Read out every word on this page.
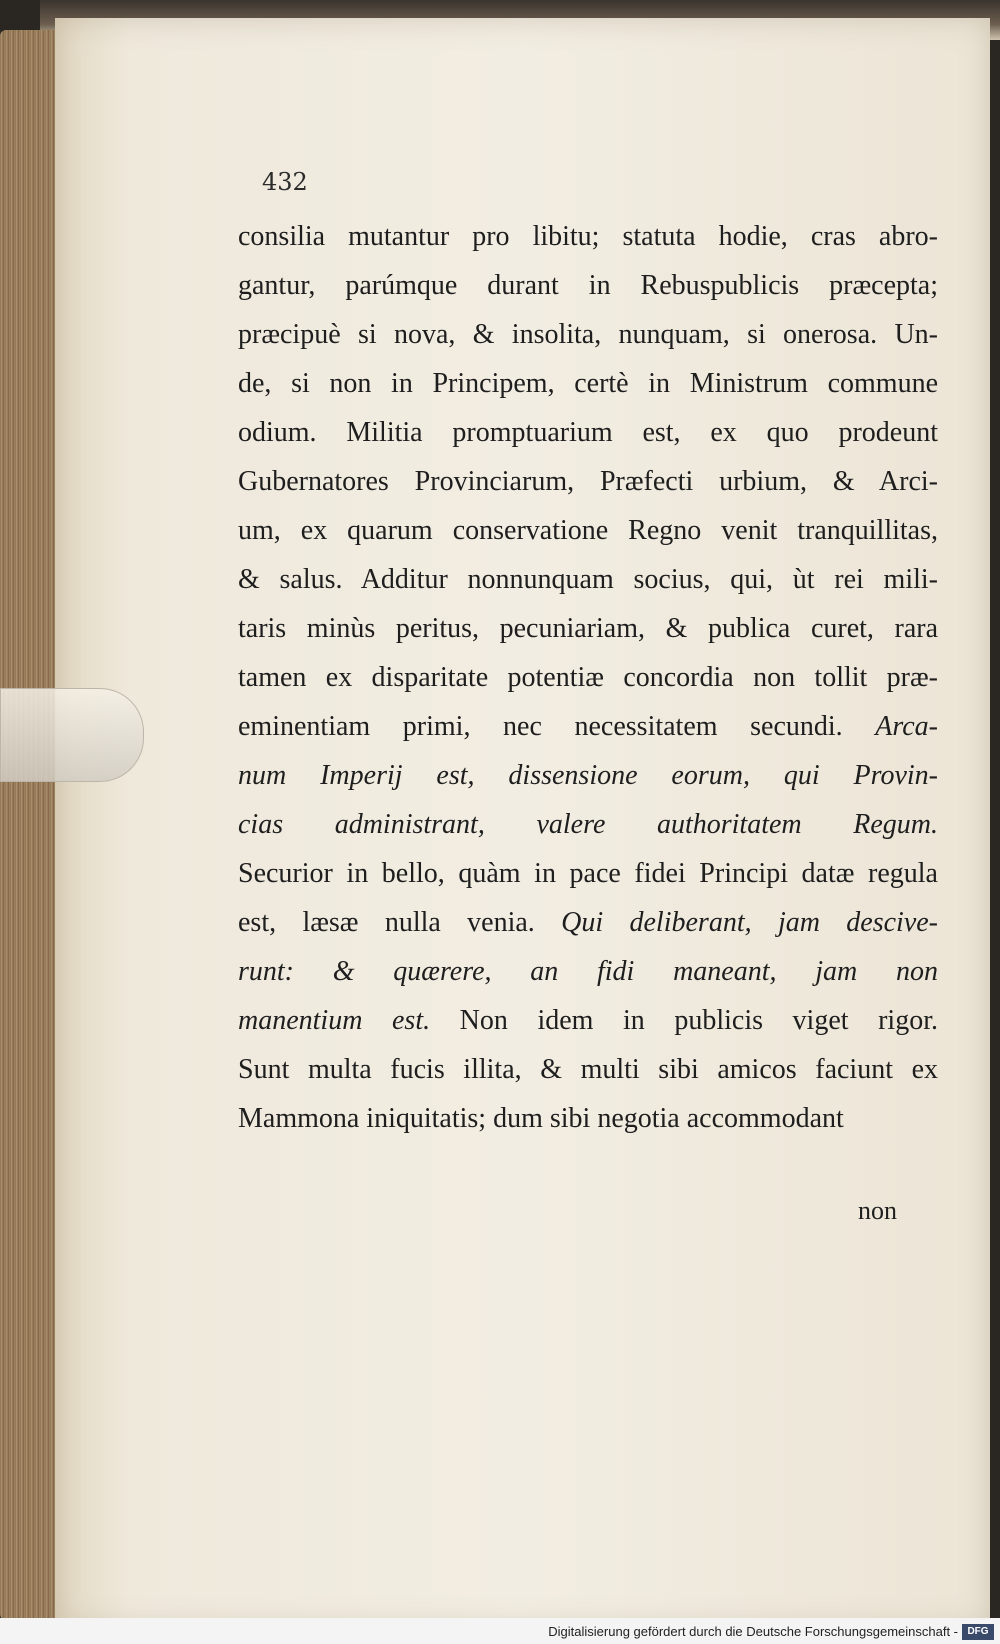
432
consilia mutantur pro libitu; statuta hodie, cras abro-
gantur, parúmque durant in Rebuspublicis præcepta;
præcipuè si nova, & insolita, nunquam, si onerosa. Un-
de, si non in Principem, certè in Ministrum commune
odium. Militia promptuarium est, ex quo prodeunt
Gubernatores Provinciarum, Præfecti urbium, & Arci-
um, ex quarum conservatione Regno venit tranquillitas,
& salus. Additur nonnunquam socius, qui, ùt rei mili-
taris minùs peritus, pecuniariam, & publica curet, rara
tamen ex disparitate potentiæ concordia non tollit præ-
eminentiam primi, nec necessitatem secundi. Arca-
num Imperij est, dissensione eorum, qui Provin-
cias administrant, valere authoritatem Regum.
Securior in bello, quàm in pace fidei Principi datæ regula
est, læsæ nulla venia. Qui deliberant, jam descive-
runt: & quærere, an fidi maneant, jam non
manentium est. Non idem in publicis viget rigor.
Sunt multa fucis illita, & multi sibi amicos faciunt ex
Mammona iniquitatis; dum sibi negotia accommodant
non
Digitalisierung gefördert durch die Deutsche Forschungsgemeinschaft - DFG
